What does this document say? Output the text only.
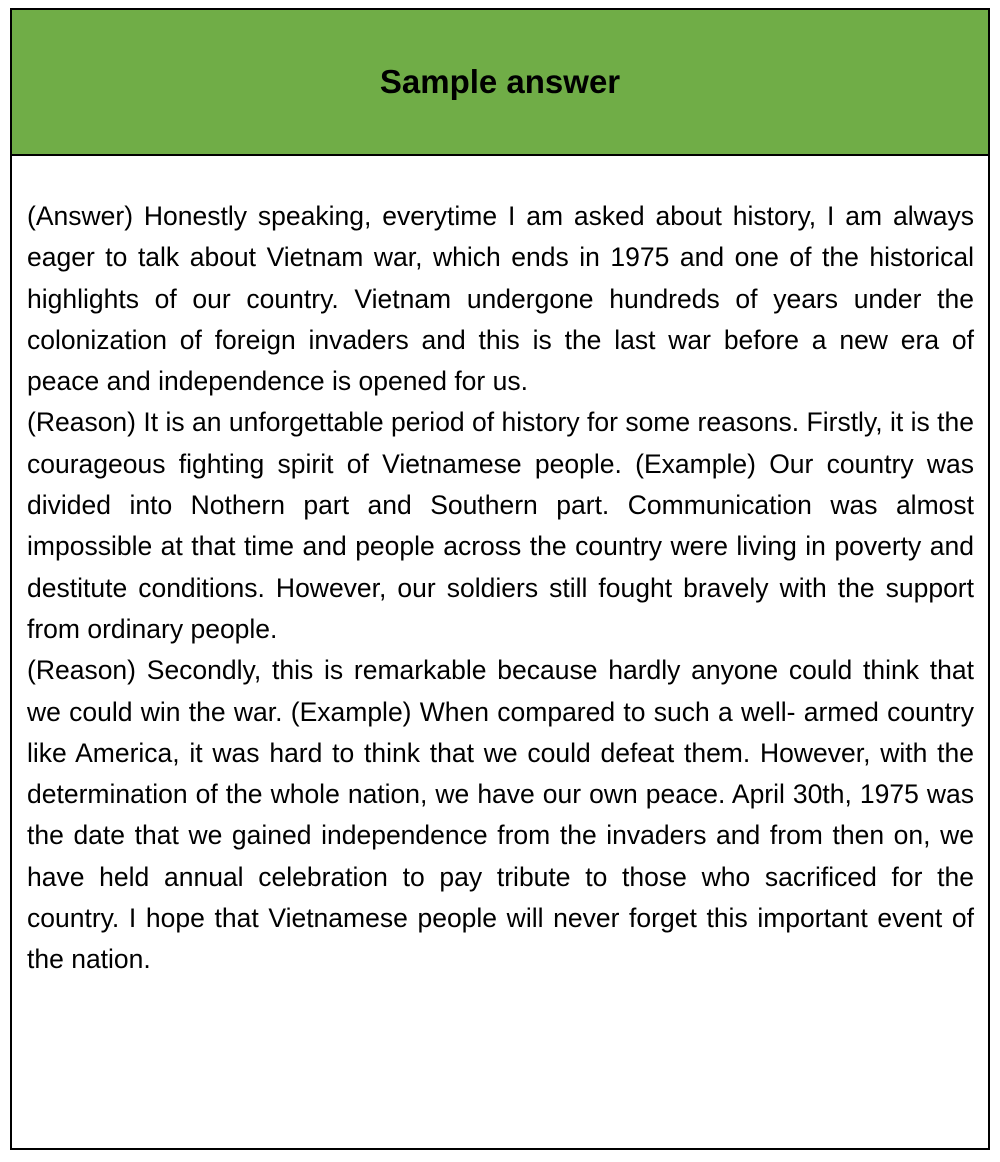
Sample answer

(Answer) Honestly speaking, everytime I am asked about history, I am always eager to talk about Vietnam war, which ends in 1975 and one of the historical highlights of our country. Vietnam undergone hundreds of years under the colonization of foreign invaders and this is the last war before a new era of peace and independence is opened for us.

(Reason) It is an unforgettable period of history for some reasons. Firstly, it is the courageous fighting spirit of Vietnamese people. (Example) Our country was divided into Nothern part and Southern part. Communication was almost impossible at that time and people across the country were living in poverty and destitute conditions. However, our soldiers still fought bravely with the support from ordinary people.

(Reason) Secondly, this is remarkable because hardly anyone could think that we could win the war. (Example) When compared to such a well- armed country like America, it was hard to think that we could defeat them. However, with the determination of the whole nation, we have our own peace. April 30th, 1975 was the date that we gained independence from the invaders and from then on, we have held annual celebration to pay tribute to those who sacrificed for the country. I hope that Vietnamese people will never forget this important event of the nation.
